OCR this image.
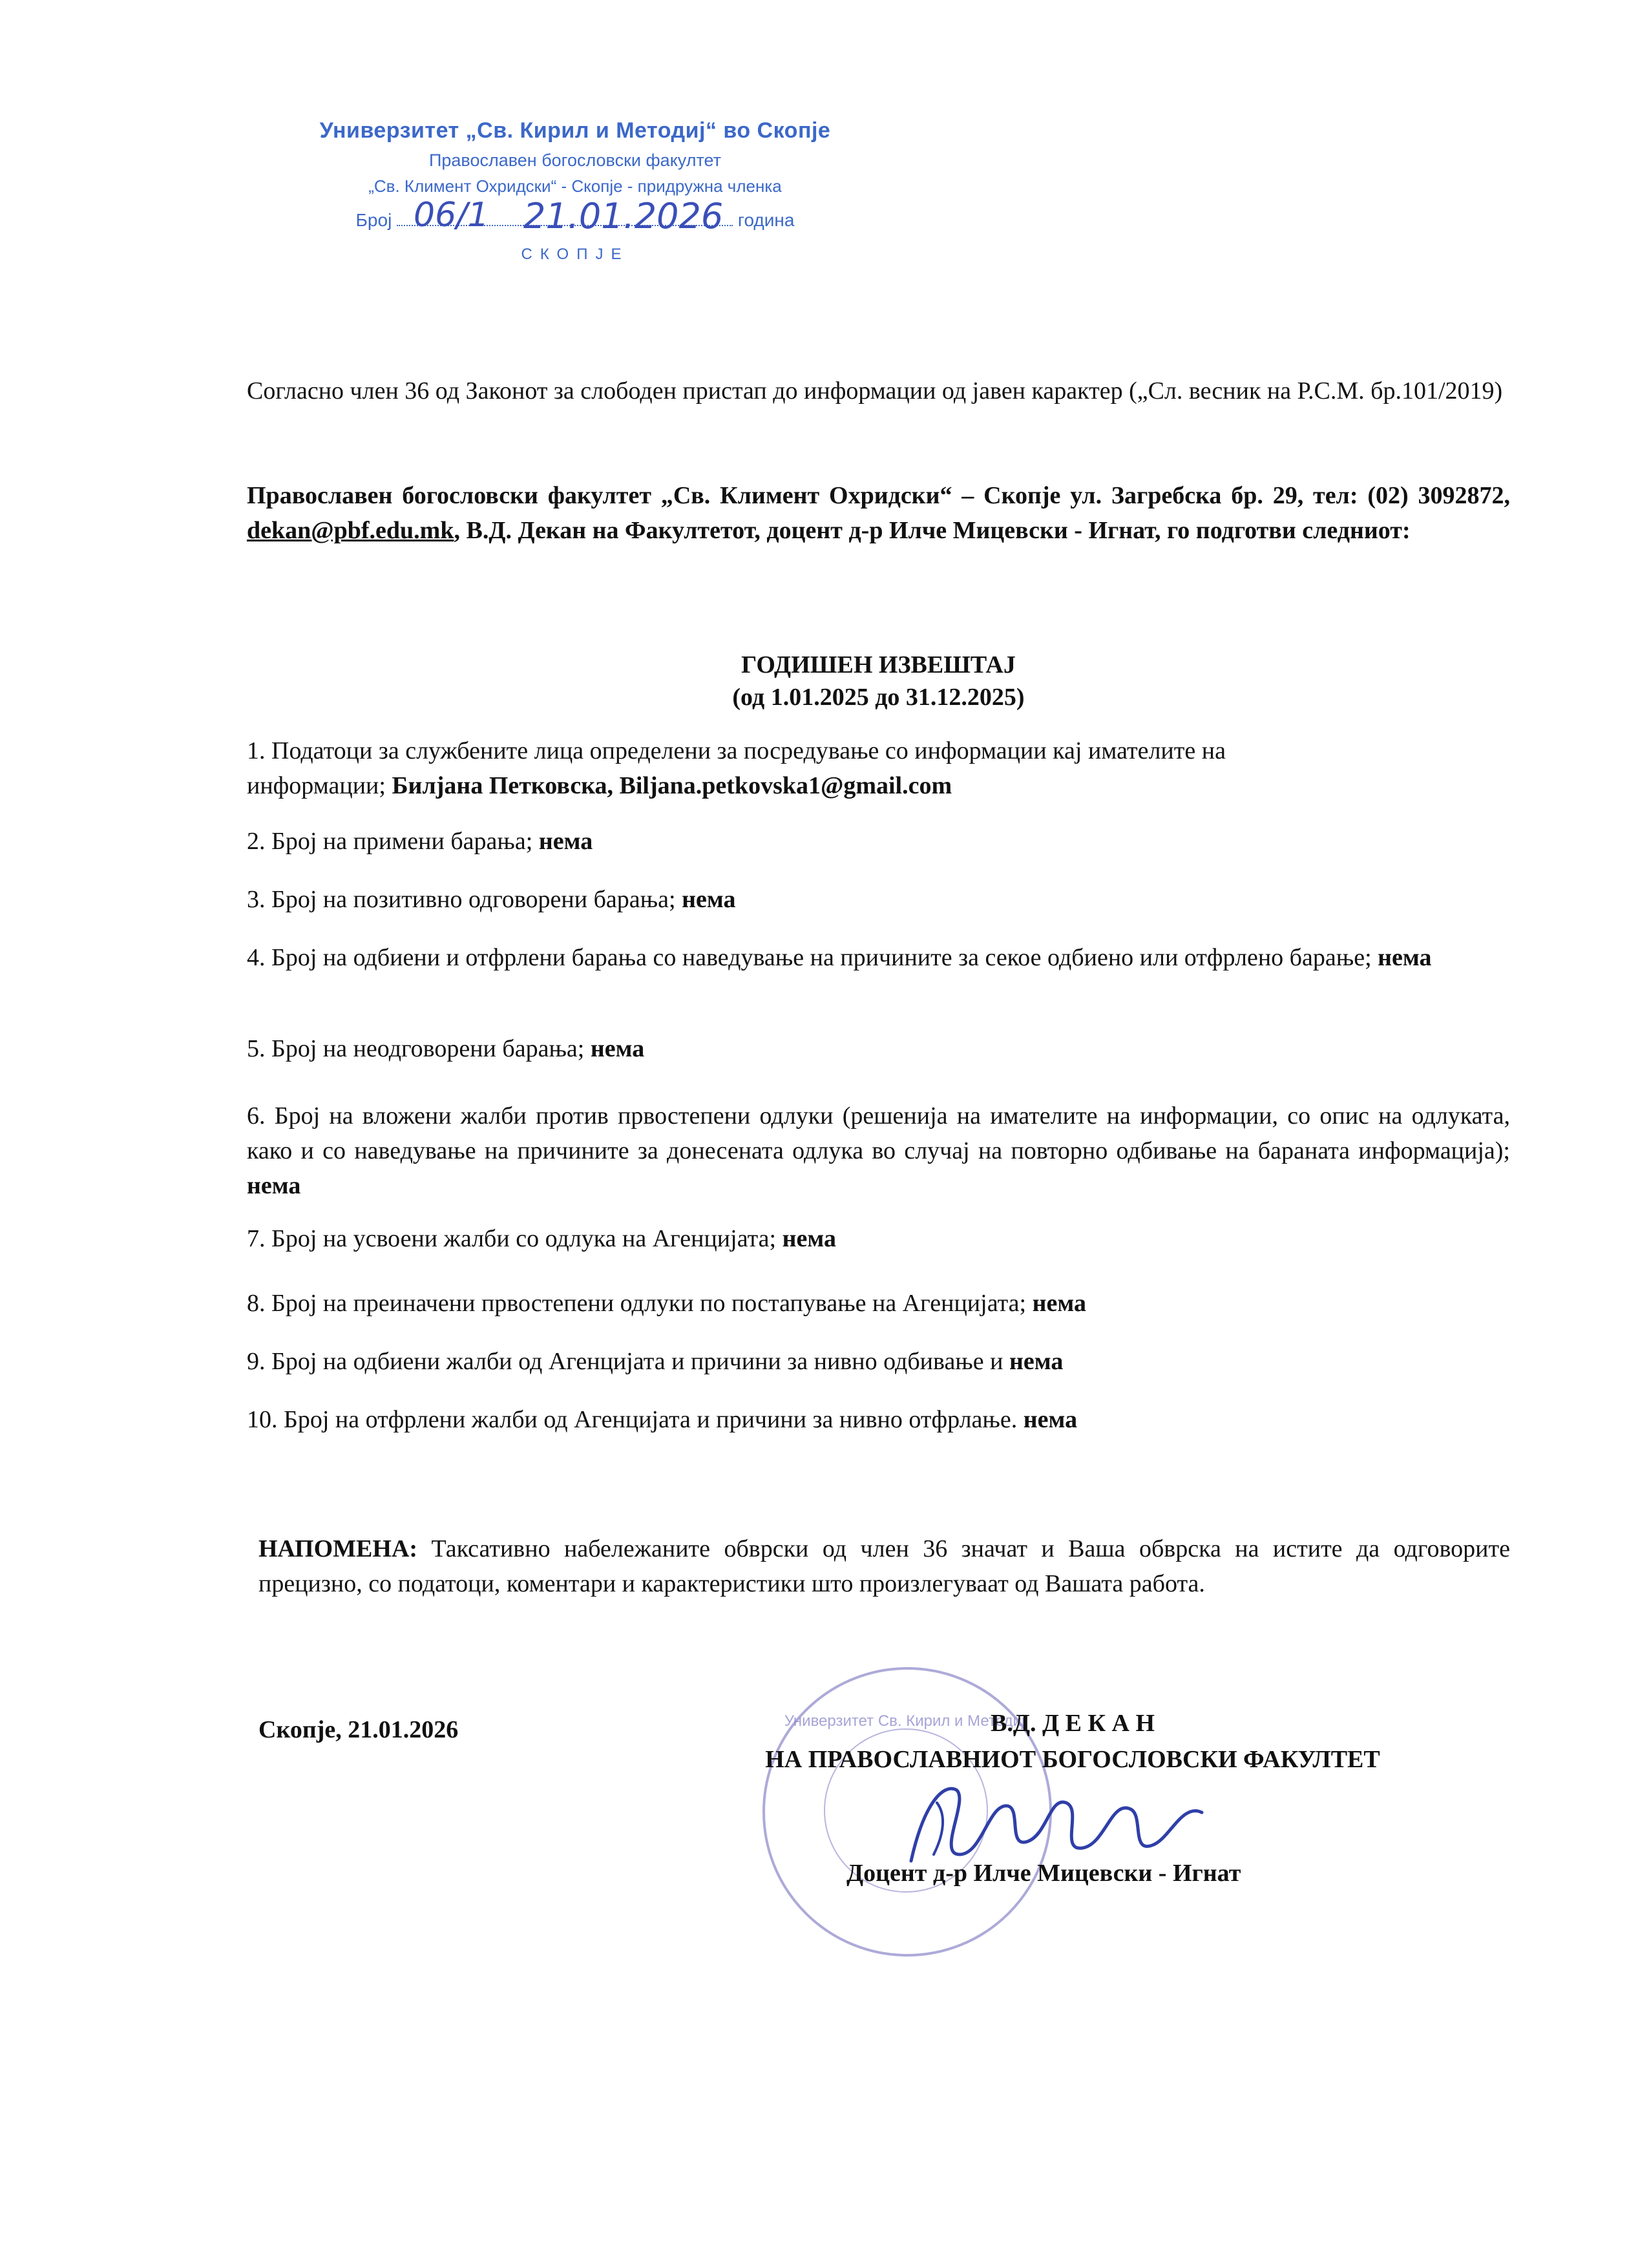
Универзитет „Св. Кирил и Методиј“ во Скопје
Православен богословски факултет
„Св. Климент Охридски“ - Скопје - придружна членка
Број	година
06/1 21.01.2026
СКОПЈЕ
Согласно член 36 од Законот за слободен пристап до информации од јавен карактер („Сл. весник на Р.С.М. бр.101/2019)
Православен богословски факултет „Св. Климент Охридски“ – Скопје ул. Загребска бр. 29, тел: (02) 3092872, dekan@pbf.edu.mk, В.Д. Декан на Факултетот, доцент д-р Илче Мицевски - Игнат, го подготви следниот:
ГОДИШЕН ИЗВЕШТАЈ
(од 1.01.2025 до 31.12.2025)
1. Податоци за службените лица определени за посредување со информации кај имателите на информации; Билјана Петковска, Biljana.petkovska1@gmail.com
2. Број на примени барања; нема
3. Број на позитивно одговорени барања; нема
4. Број на одбиени и отфрлени барања со наведување на причините за секое одбиено или отфрлено барање; нема
5. Број на неодговорени барања; нема
6. Број на вложени жалби против првостепени одлуки (решенија на имателите на информации, со опис на одлуката, како и со наведување на причините за донесената одлука во случај на повторно одбивање на бараната информација); нема
7. Број на усвоени жалби со одлука на Агенцијата; нема
8. Број на преиначени првостепени одлуки по постапување на Агенцијата; нема
9. Број на одбиени жалби од Агенцијата и причини за нивно одбивање и нема
10. Број на отфрлени жалби од Агенцијата и причини за нивно отфрлање. нема
НАПОМЕНА: Таксативно набележаните обврски од член 36 значат и Ваша обврска на истите да одговорите прецизно, со податоци, коментари и карактеристики што произлегуваат од Вашата работа.
Универзитет Св. Кирил и Методиј
Скопје, 21.01.2026	В.Д. Д Е К А Н
НА ПРАВОСЛАВНИОТ БОГОСЛОВСКИ ФАКУЛТЕТ
Доцент д-р Илче Мицевски - Игнат
